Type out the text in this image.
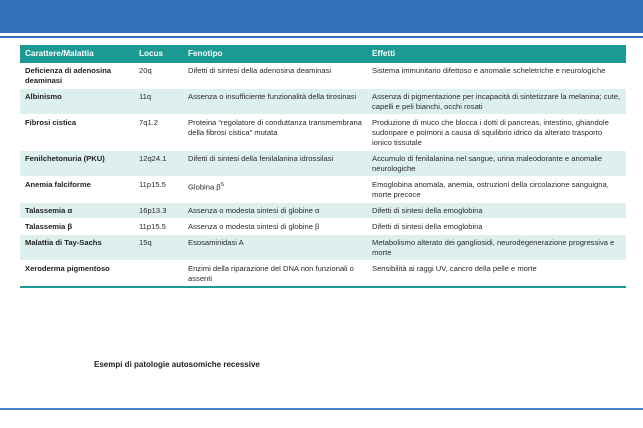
Carattere/Malattia	Locus	Fenotipo	Effetti
Deficienza di adenosina deaminasi	20q	Difetti di sintesi della adenosina deaminasi	Sistema immunitario difettoso e anomalie scheletriche e neurologiche
Albinismo	11q	Assenza o insufficiente funzionalità della tirosinasi	Assenza di pigmentazione per incapacità di sintetizzare la melanina; cute, capelli e peli bianchi, occhi rosati
Fibrosi cistica	7q1.2	Proteina “regolatore di conduttanza transmembrana della fibrosi cistica” mutata	Produzione di muco che blocca i dotti di pancreas, intestino, ghiandole sudoripare e polmoni a causa di squilibrio idrico da alterato trasporto ionico tissutale
Fenilchetonuria (PKU)	12q24.1	Difetti di sintesi della fenilalanina idrossilasi	Accumulo di fenilalanina nel sangue, urina maleodorante e anomalie neurologiche
Anemia falciforme	11p15.5	Globina $\beta^S$	Emoglobina anomala, anemia, ostruzioni della circolazione sanguigna, morte precoce
Talassemia α	16p13.3	Assenza o modesta sintesi di globine α	Difetti di sintesi della emoglobina
Talassemia β	11p15.5	Assenza o modesta sintesi di globine β	Difetti di sintesi della emoglobina
Malattia di Tay-Sachs	15q	Esosaminidasi A	Metabolismo alterato dei gangliosidi, neurodegenerazione progressiva e morte
Xeroderma pigmentoso		Enzimi della riparazione del DNA non funzionali o assenti	Sensibilità ai raggi UV, cancro della pelle e morte
Esempi di patologie autosomiche recessive
